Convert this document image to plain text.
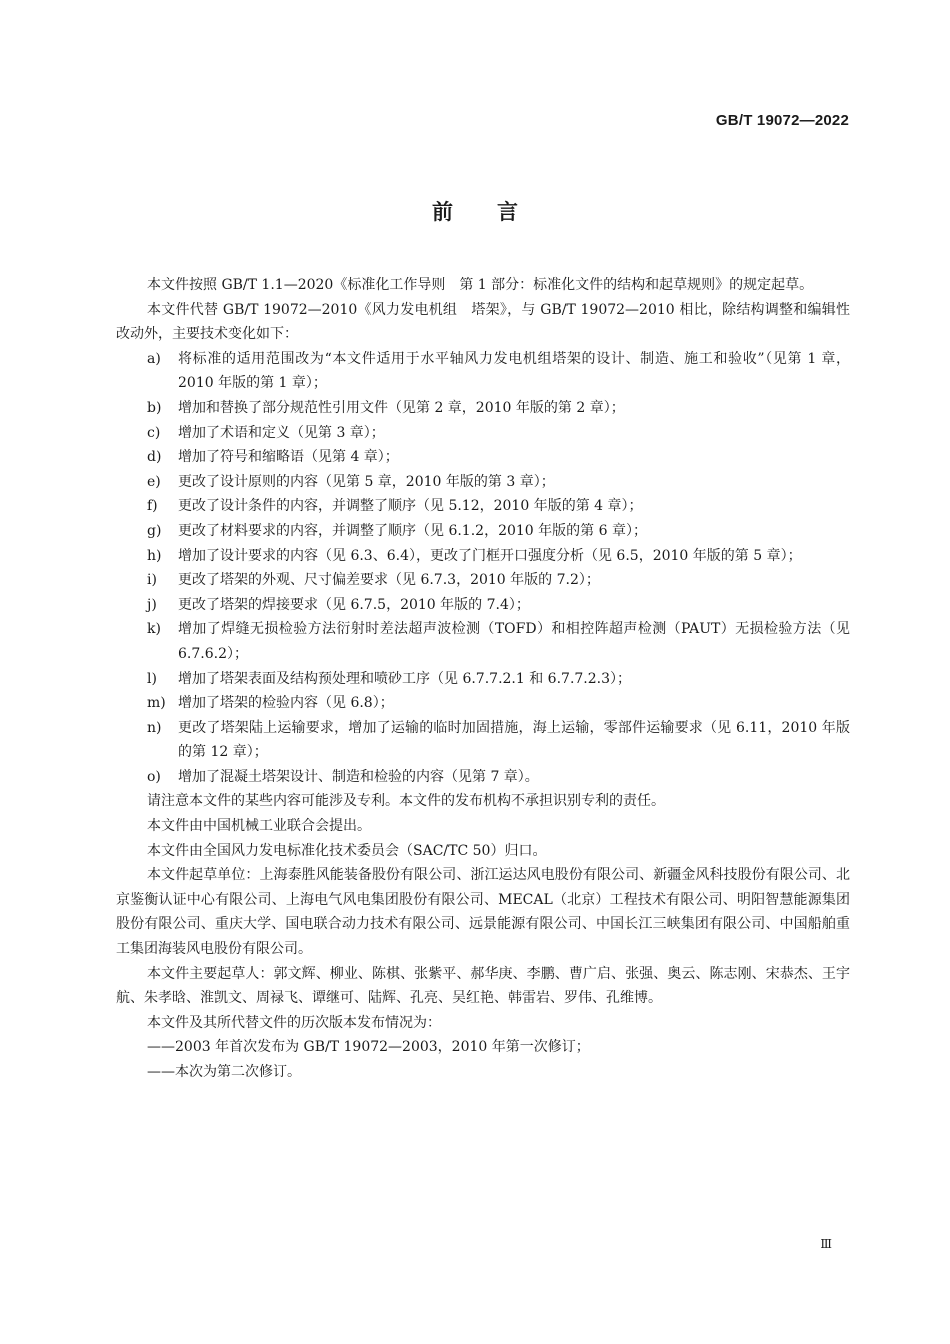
GB/T 19072—2022
前言

本文件按照 GB/T 1.1—2020《标准化工作导则　第 1 部分：标准化文件的结构和起草规则》的规定起草。

本文件代替 GB/T 19072—2010《风力发电机组　塔架》，与 GB/T 19072—2010 相比，除结构调整和编辑性改动外，主要技术变化如下：

a) 将标准的适用范围改为“本文件适用于水平轴风力发电机组塔架的设计、制造、施工和验收”（见第 1 章，2010 年版的第 1 章）；
b) 增加和替换了部分规范性引用文件（见第 2 章，2010 年版的第 2 章）；
c) 增加了术语和定义（见第 3 章）；
d) 增加了符号和缩略语（见第 4 章）；
e) 更改了设计原则的内容（见第 5 章，2010 年版的第 3 章）；
f) 更改了设计条件的内容，并调整了顺序（见 5.12，2010 年版的第 4 章）；
g) 更改了材料要求的内容，并调整了顺序（见 6.1.2，2010 年版的第 6 章）；
h) 增加了设计要求的内容（见 6.3、6.4），更改了门框开口强度分析（见 6.5，2010 年版的第 5 章）；
i) 更改了塔架的外观、尺寸偏差要求（见 6.7.3，2010 年版的 7.2）；
j) 更改了塔架的焊接要求（见 6.7.5，2010 年版的 7.4）；
k) 增加了焊缝无损检验方法衍射时差法超声波检测（TOFD）和相控阵超声检测（PAUT）无损检验方法（见 6.7.6.2）；
l) 增加了塔架表面及结构预处理和喷砂工序（见 6.7.7.2.1 和 6.7.7.2.3）；
m) 增加了塔架的检验内容（见 6.8）；
n) 更改了塔架陆上运输要求，增加了运输的临时加固措施，海上运输，零部件运输要求（见 6.11，2010 年版的第 12 章）；
o) 增加了混凝土塔架设计、制造和检验的内容（见第 7 章）。

请注意本文件的某些内容可能涉及专利。本文件的发布机构不承担识别专利的责任。

本文件由中国机械工业联合会提出。

本文件由全国风力发电标准化技术委员会（SAC/TC 50）归口。

本文件起草单位：上海泰胜风能装备股份有限公司、浙江运达风电股份有限公司、新疆金风科技股份有限公司、北京鉴衡认证中心有限公司、上海电气风电集团股份有限公司、MECAL（北京）工程技术有限公司、明阳智慧能源集团股份有限公司、重庆大学、国电联合动力技术有限公司、远景能源有限公司、中国长江三峡集团有限公司、中国船舶重工集团海装风电股份有限公司。

本文件主要起草人：郭文辉、柳业、陈棋、张紫平、郝华庚、李鹏、曹广启、张强、奥云、陈志刚、宋恭杰、王宇航、朱孝晗、淮凯文、周禄飞、谭继可、陆辉、孔亮、吴红艳、韩雷岩、罗伟、孔维博。

本文件及其所代替文件的历次版本发布情况为：

——2003 年首次发布为 GB/T 19072—2003，2010 年第一次修订；

——本次为第二次修订。

Ⅲ
